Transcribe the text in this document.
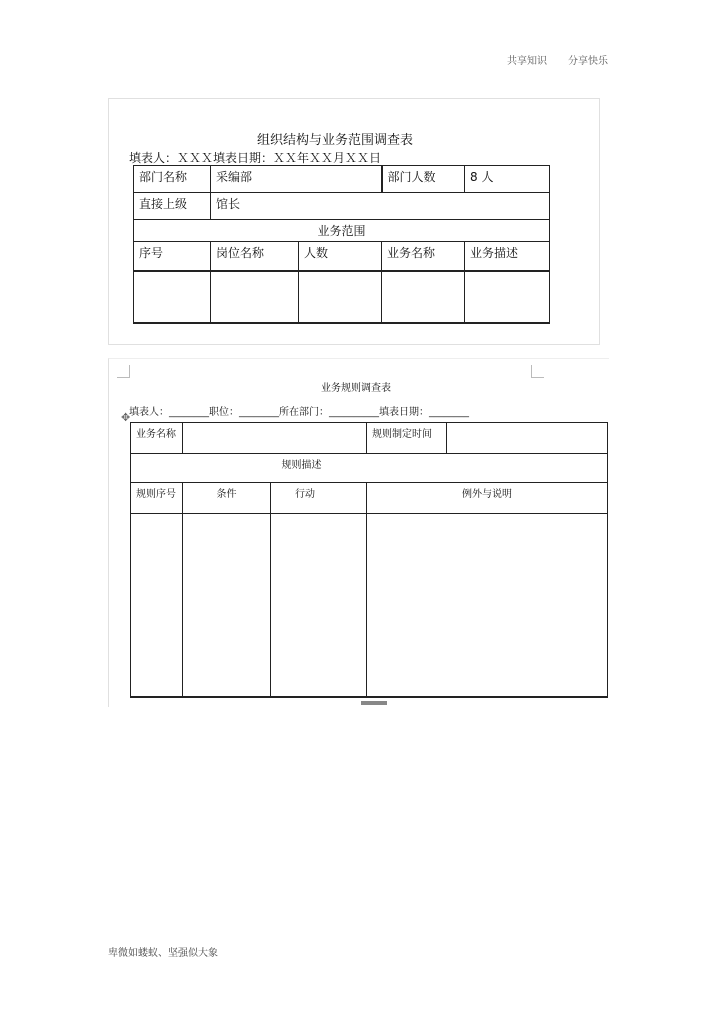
共享知识 分享快乐
组织结构与业务范围调查表
填表人：ＸＸＸ填表日期：ＸＸ年ＸＸ月ＸＸ日
部门名称	采编部		部门人数	8 人
直接上级	馆长			
业务范围				
序号	岗位名称	人数	业务名称	业务描述

业务规则调查表
填表人：________职位：________所在部门：__________填表日期：________
✥
业务名称			规则制定时间	
规则描述				
规则序号	条件	行动	例外与说明	

卑微如蝼蚁、坚强似大象
